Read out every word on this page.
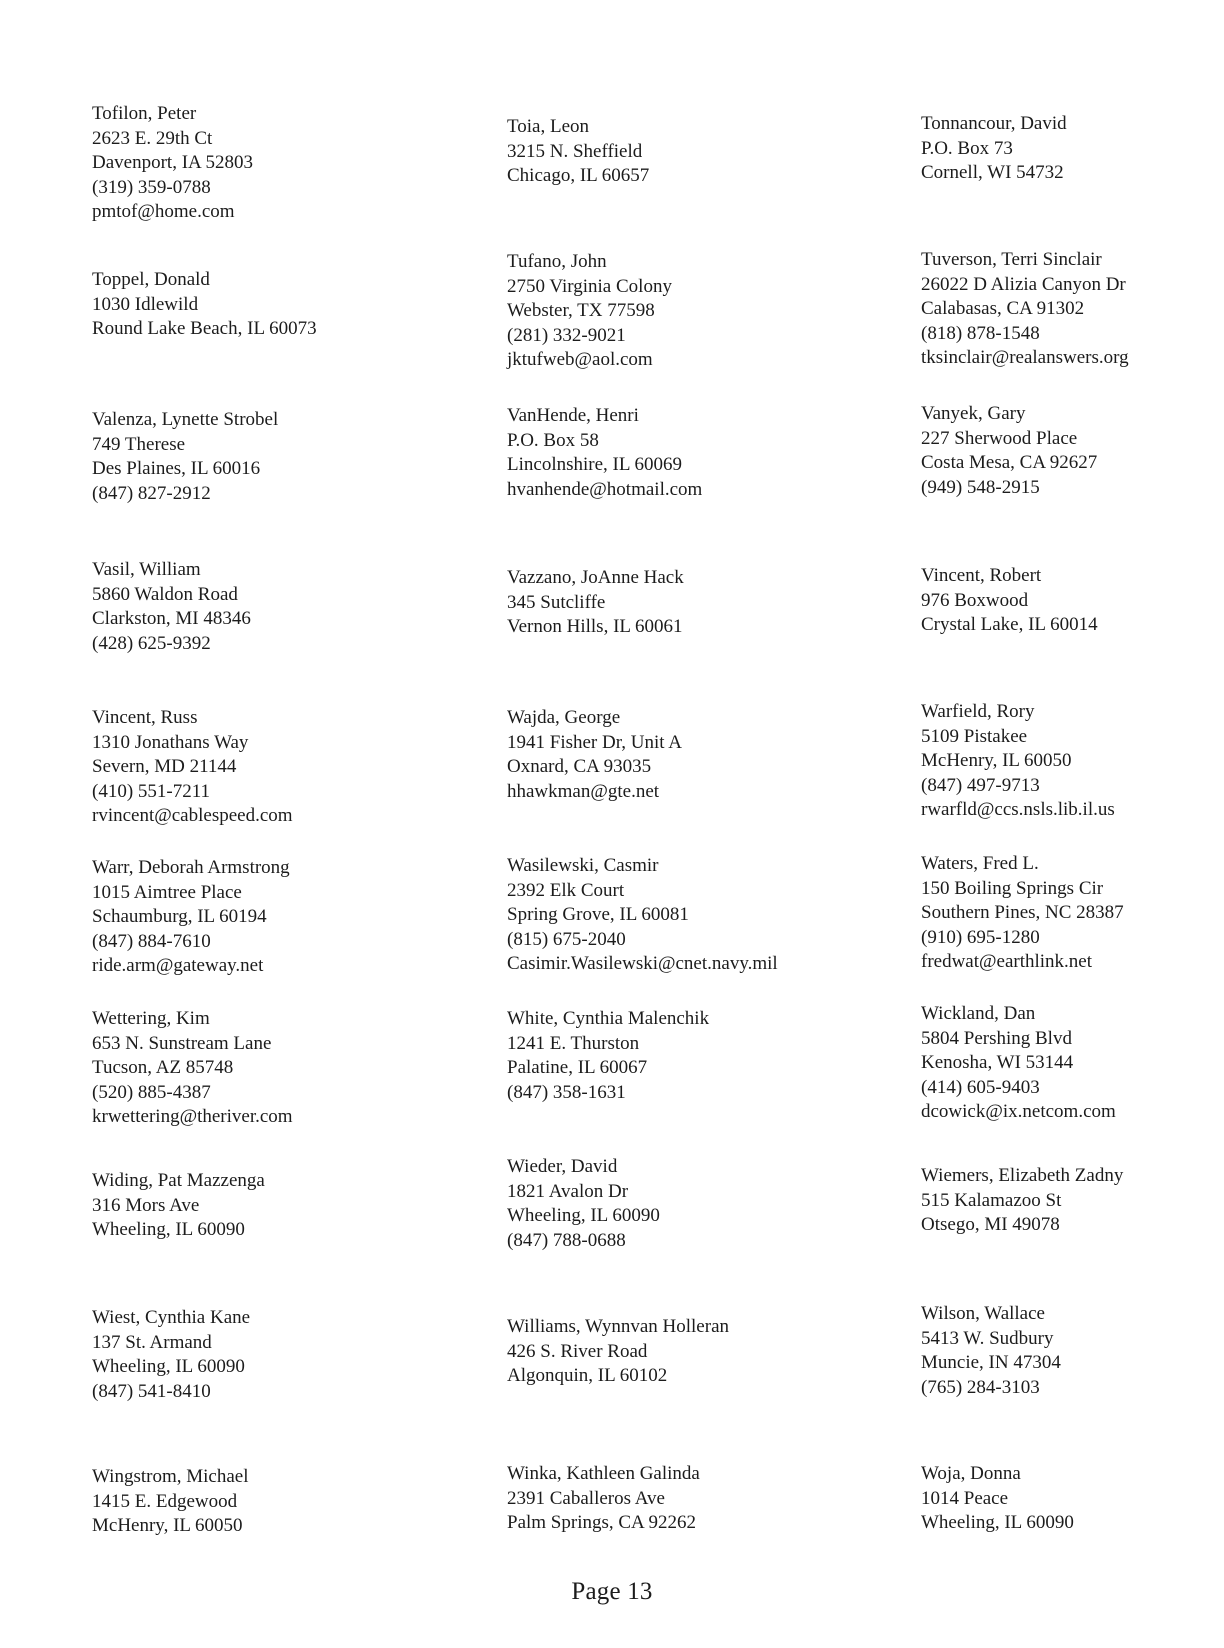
Tofilon, Peter
2623 E. 29th Ct
Davenport, IA 52803
(319) 359-0788
pmtof@home.com
Toia, Leon
3215 N. Sheffield
Chicago, IL 60657
Tonnancour, David
P.O. Box 73
Cornell, WI 54732
Toppel, Donald
1030 Idlewild
Round Lake Beach, IL 60073
Tufano, John
2750 Virginia Colony
Webster, TX 77598
(281) 332-9021
jktufweb@aol.com
Tuverson, Terri Sinclair
26022 D Alizia Canyon Dr
Calabasas, CA 91302
(818) 878-1548
tksinclair@realanswers.org
Valenza, Lynette Strobel
749 Therese
Des Plaines, IL 60016
(847) 827-2912
VanHende, Henri
P.O. Box 58
Lincolnshire, IL 60069
hvanhende@hotmail.com
Vanyek, Gary
227 Sherwood Place
Costa Mesa, CA 92627
(949) 548-2915
Vasil, William
5860 Waldon Road
Clarkston, MI 48346
(428) 625-9392
Vazzano, JoAnne Hack
345 Sutcliffe
Vernon Hills, IL 60061
Vincent, Robert
976 Boxwood
Crystal Lake, IL 60014
Vincent, Russ
1310 Jonathans Way
Severn, MD 21144
(410) 551-7211
rvincent@cablespeed.com
Wajda, George
1941 Fisher Dr, Unit A
Oxnard, CA 93035
hhawkman@gte.net
Warfield, Rory
5109 Pistakee
McHenry, IL 60050
(847) 497-9713
rwarfld@ccs.nsls.lib.il.us
Warr, Deborah Armstrong
1015 Aimtree Place
Schaumburg, IL 60194
(847) 884-7610
ride.arm@gateway.net
Wasilewski, Casmir
2392 Elk Court
Spring Grove, IL 60081
(815) 675-2040
Casimir.Wasilewski@cnet.navy.mil
Waters, Fred L.
150 Boiling Springs Cir
Southern Pines, NC 28387
(910) 695-1280
fredwat@earthlink.net
Wettering, Kim
653 N. Sunstream Lane
Tucson, AZ 85748
(520) 885-4387
krwettering@theriver.com
White, Cynthia Malenchik
1241 E. Thurston
Palatine, IL 60067
(847) 358-1631
Wickland, Dan
5804 Pershing Blvd
Kenosha, WI 53144
(414) 605-9403
dcowick@ix.netcom.com
Widing, Pat Mazzenga
316 Mors Ave
Wheeling, IL 60090
Wieder, David
1821 Avalon Dr
Wheeling, IL 60090
(847) 788-0688
Wiemers, Elizabeth Zadny
515 Kalamazoo St
Otsego, MI 49078
Wiest, Cynthia Kane
137 St. Armand
Wheeling, IL 60090
(847) 541-8410
Williams, Wynnvan Holleran
426 S. River Road
Algonquin, IL 60102
Wilson, Wallace
5413 W. Sudbury
Muncie, IN 47304
(765) 284-3103
Wingstrom, Michael
1415 E. Edgewood
McHenry, IL 60050
Winka, Kathleen Galinda
2391 Caballeros Ave
Palm Springs, CA 92262
Woja, Donna
1014 Peace
Wheeling, IL 60090
Page 13
